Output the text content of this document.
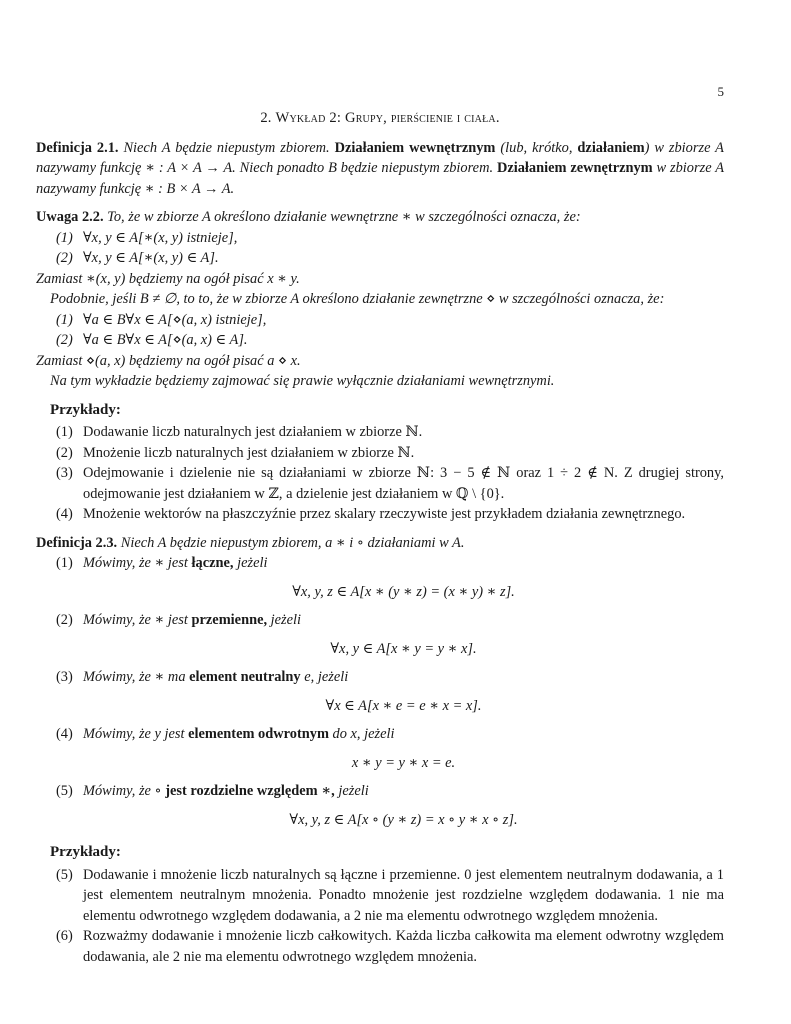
5
2. Wykład 2: Grupy, pierścienie i ciała.

Definicja 2.1. Niech A będzie niepustym zbiorem. Działaniem wewnętrznym (lub, krótko, działaniem) w zbiorze A nazywamy funkcję ∗ : A × A → A. Niech ponadto B będzie niepustym zbiorem. Działaniem zewnętrznym w zbiorze A nazywamy funkcję ∗ : B × A → A.

Uwaga 2.2. To, że w zbiorze A określono działanie wewnętrzne ∗ w szczególności oznacza, że:

(1) ∀x, y ∈ A[∗(x, y) istnieje],
(2) ∀x, y ∈ A[∗(x, y) ∈ A].

Zamiast ∗(x, y) będziemy na ogół pisać x ∗ y.

Podobnie, jeśli B ≠ ∅, to to, że w zbiorze A określono działanie zewnętrzne ⋄ w szczególności oznacza, że:

(1) ∀a ∈ B∀x ∈ A[⋄(a, x) istnieje],
(2) ∀a ∈ B∀x ∈ A[⋄(a, x) ∈ A].

Zamiast ⋄(a, x) będziemy na ogół pisać a ⋄ x.

Na tym wykładzie będziemy zajmować się prawie wyłącznie działaniami wewnętrznymi.

Przykłady:
(1) Dodawanie liczb naturalnych jest działaniem w zbiorze ℕ.
(2) Mnożenie liczb naturalnych jest działaniem w zbiorze ℕ.
(3) Odejmowanie i dzielenie nie są działaniami w zbiorze ℕ: 3 − 5 ∉ ℕ oraz 1 ÷ 2 ∉ N. Z drugiej strony, odejmowanie jest działaniem w ℤ, a dzielenie jest działaniem w ℚ \ {0}.
(4) Mnożenie wektorów na płaszczyźnie przez skalary rzeczywiste jest przykładem działania zewnętrznego.

Definicja 2.3. Niech A będzie niepustym zbiorem, a ∗ i ∘ działaniami w A.

(1) Mówimy, że ∗ jest łączne, jeżeli
∀x, y, z ∈ A[x ∗ (y ∗ z) = (x ∗ y) ∗ z].
(2) Mówimy, że ∗ jest przemienne, jeżeli
∀x, y ∈ A[x ∗ y = y ∗ x].
(3) Mówimy, że ∗ ma element neutralny e, jeżeli
∀x ∈ A[x ∗ e = e ∗ x = x].
(4) Mówimy, że y jest elementem odwrotnym do x, jeżeli
x ∗ y = y ∗ x = e.
(5) Mówimy, że ∘ jest rozdzielne względem ∗, jeżeli
∀x, y, z ∈ A[x ∘ (y ∗ z) = x ∘ y ∗ x ∘ z].
Przykłady:
(5) Dodawanie i mnożenie liczb naturalnych są łączne i przemienne. 0 jest elementem neutralnym dodawania, a 1 jest elementem neutralnym mnożenia. Ponadto mnożenie jest rozdzielne względem dodawania. 1 nie ma elementu odwrotnego względem dodawania, a 2 nie ma elementu odwrotnego względem mnożenia.
(6) Rozważmy dodawanie i mnożenie liczb całkowitych. Każda liczba całkowita ma element odwrotny względem dodawania, ale 2 nie ma elementu odwrotnego względem mnożenia.
